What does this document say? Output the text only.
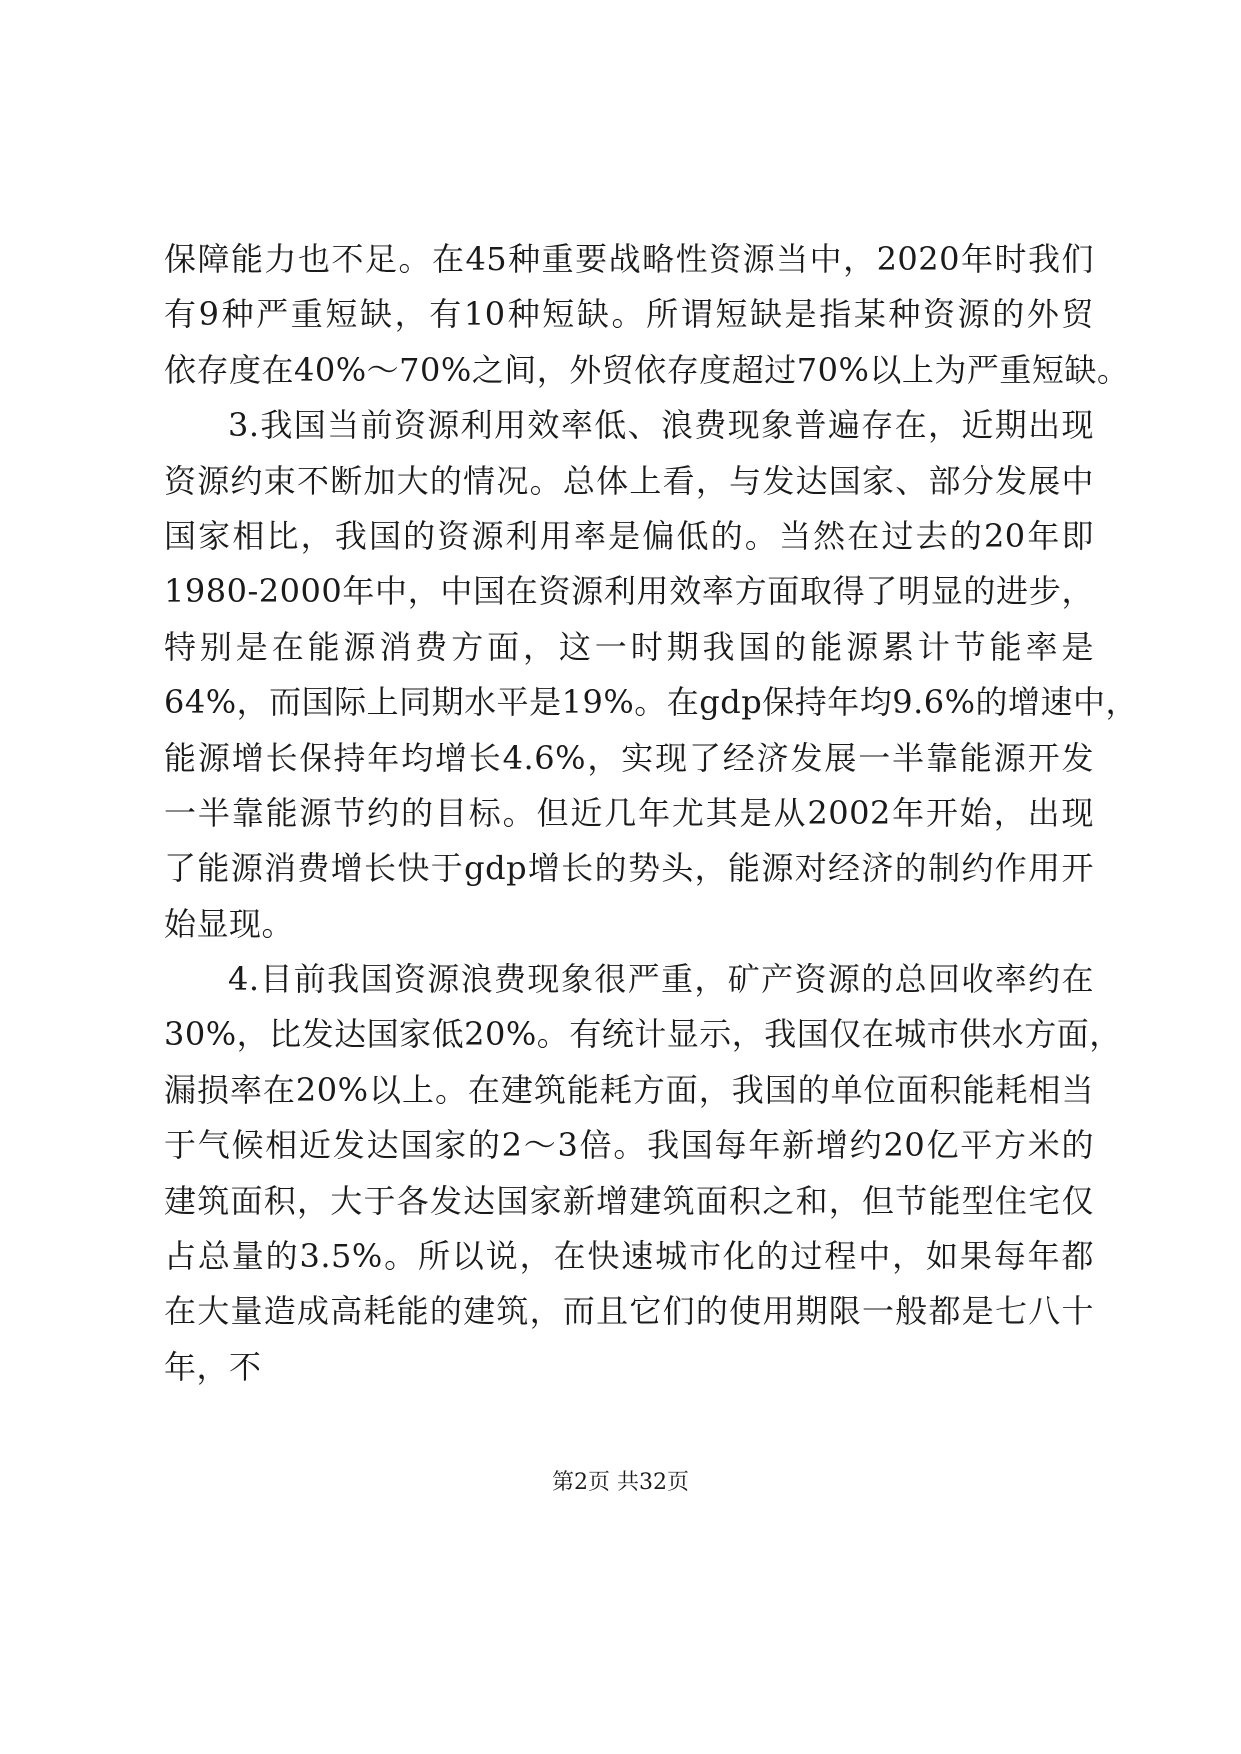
保障能力也不足。在45种重要战略性资源当中，2020年时我们
有9种严重短缺，有10种短缺。所谓短缺是指某种资源的外贸
依存度在40%～70%之间，外贸依存度超过70%以上为严重短缺。
3.我国当前资源利用效率低、浪费现象普遍存在，近期出现
资源约束不断加大的情况。总体上看，与发达国家、部分发展中
国家相比，我国的资源利用率是偏低的。当然在过去的20年即
1980-2000年中，中国在资源利用效率方面取得了明显的进步，
特别是在能源消费方面，这一时期我国的能源累计节能率是
64%，而国际上同期水平是19%。在gdp保持年均9.6%的增速中，
能源增长保持年均增长4.6%，实现了经济发展一半靠能源开发
一半靠能源节约的目标。但近几年尤其是从2002年开始，出现
了能源消费增长快于gdp增长的势头，能源对经济的制约作用开
始显现。
4.目前我国资源浪费现象很严重，矿产资源的总回收率约在
30%，比发达国家低20%。有统计显示，我国仅在城市供水方面，
漏损率在20%以上。在建筑能耗方面，我国的单位面积能耗相当
于气候相近发达国家的2～3倍。我国每年新增约20亿平方米的
建筑面积，大于各发达国家新增建筑面积之和，但节能型住宅仅
占总量的3.5%。所以说，在快速城市化的过程中，如果每年都
在大量造成高耗能的建筑，而且它们的使用期限一般都是七八十
年，不
第2页 共32页
